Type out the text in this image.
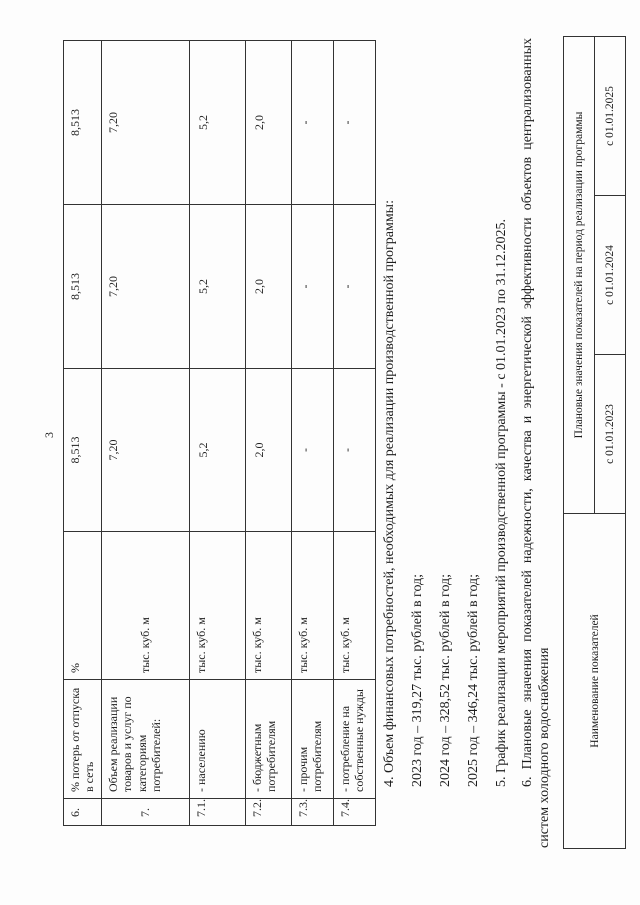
3
6.	% потерь от отпуска в сеть	%	8,513	8,513	8,513
7.	Объем реализации товаров и услуг по категориям потребителей:	тыс. куб. м	7,20	7,20	7,20
7.1.	- населению	тыс. куб. м	5,2	5,2	5,2
7.2.	- бюджетным потребителям	тыс. куб. м	2,0	2,0	2,0
7.3.	- прочим потребителям	тыс. куб. м	-	-	-
7.4.	- потребление на собственные нужды	тыс. куб. м	-	-	-
4. Объем финансовых потребностей, необходимых для реализации производственной программы: 2023 год – 319,27 тыс. рублей в год; 2024 год – 328,52 тыс. рублей в год; 2025 год – 346,24 тыс. рублей в год; 5. График реализации мероприятий производственной программы - с 01.01.2023 по 31.12.2025. 6. Плановые значения показателей надежности, качества и энергетической эффективности объектов централизованных систем холодного водоснабжения	Наименование показателей	Плановые значения показателей на период реализации программы		
	с 01.01.2023	с 01.01.2024	с 01.01.2025
